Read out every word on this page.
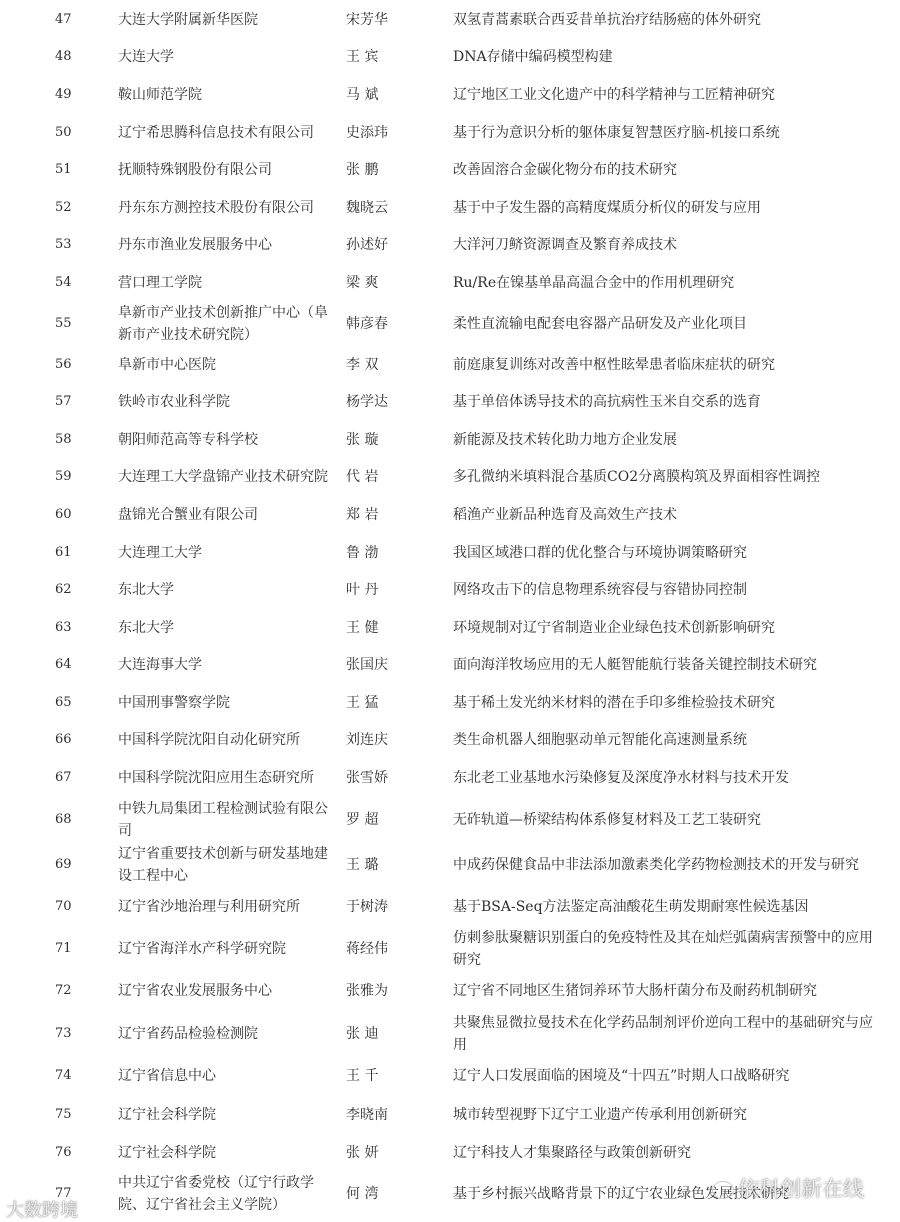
47	大连大学附属新华医院	宋芳华	双氢青蒿素联合西妥昔单抗治疗结肠癌的体外研究
48	大连大学	王 宾	DNA存储中编码模型构建
49	鞍山师范学院	马 斌	辽宁地区工业文化遗产中的科学精神与工匠精神研究
50	辽宁希思腾科信息技术有限公司	史添玮	基于行为意识分析的躯体康复智慧医疗脑-机接口系统
51	抚顺特殊钢股份有限公司	张 鹏	改善固溶合金碳化物分布的技术研究
52	丹东东方测控技术股份有限公司	魏晓云	基于中子发生器的高精度煤质分析仪的研发与应用
53	丹东市渔业发展服务中心	孙述好	大洋河刀鲚资源调查及繁育养成技术
54	营口理工学院	梁 爽	Ru/Re在镍基单晶高温合金中的作用机理研究
55	阜新市产业技术创新推广中心（阜新市产业技术研究院）	韩彦春	柔性直流输电配套电容器产品研发及产业化项目
56	阜新市中心医院	李 双	前庭康复训练对改善中枢性眩晕患者临床症状的研究
57	铁岭市农业科学院	杨学达	基于单倍体诱导技术的高抗病性玉米自交系的选育
58	朝阳师范高等专科学校	张 璇	新能源及技术转化助力地方企业发展
59	大连理工大学盘锦产业技术研究院	代 岩	多孔微纳米填料混合基质CO2分离膜构筑及界面相容性调控
60	盘锦光合蟹业有限公司	郑 岩	稻渔产业新品种选育及高效生产技术
61	大连理工大学	鲁 渤	我国区域港口群的优化整合与环境协调策略研究
62	东北大学	叶 丹	网络攻击下的信息物理系统容侵与容错协同控制
63	东北大学	王 健	环境规制对辽宁省制造业企业绿色技术创新影响研究
64	大连海事大学	张国庆	面向海洋牧场应用的无人艇智能航行装备关键控制技术研究
65	中国刑事警察学院	王 猛	基于稀土发光纳米材料的潜在手印多维检验技术研究
66	中国科学院沈阳自动化研究所	刘连庆	类生命机器人细胞驱动单元智能化高速测量系统
67	中国科学院沈阳应用生态研究所	张雪娇	东北老工业基地水污染修复及深度净水材料与技术开发
68	中铁九局集团工程检测试验有限公司	罗 超	无砟轨道—桥梁结构体系修复材料及工艺工装研究
69	辽宁省重要技术创新与研发基地建设工程中心	王 璐	中成药保健食品中非法添加激素类化学药物检测技术的开发与研究
70	辽宁省沙地治理与利用研究所	于树涛	基于BSA-Seq方法鉴定高油酸花生萌发期耐寒性候选基因
71	辽宁省海洋水产科学研究院	蒋经伟	仿刺参肽聚糖识别蛋白的免疫特性及其在灿烂弧菌病害预警中的应用研究
72	辽宁省农业发展服务中心	张雅为	辽宁省不同地区生猪饲养环节大肠杆菌分布及耐药机制研究
73	辽宁省药品检验检测院	张 迪	共聚焦显微拉曼技术在化学药品制剂评价逆向工程中的基础研究与应用
74	辽宁省信息中心	王 千	辽宁人口发展面临的困境及“十四五”时期人口战略研究
75	辽宁社会科学院	李晓南	城市转型视野下辽宁工业遗产传承利用创新研究
76	辽宁社会科学院	张 妍	辽宁科技人才集聚路径与政策创新研究
77	中共辽宁省委党校（辽宁行政学院、辽宁省社会主义学院）	何 湾	基于乡村振兴战略背景下的辽宁农业绿色发展技术研究
大数跨境
依科创新在线
